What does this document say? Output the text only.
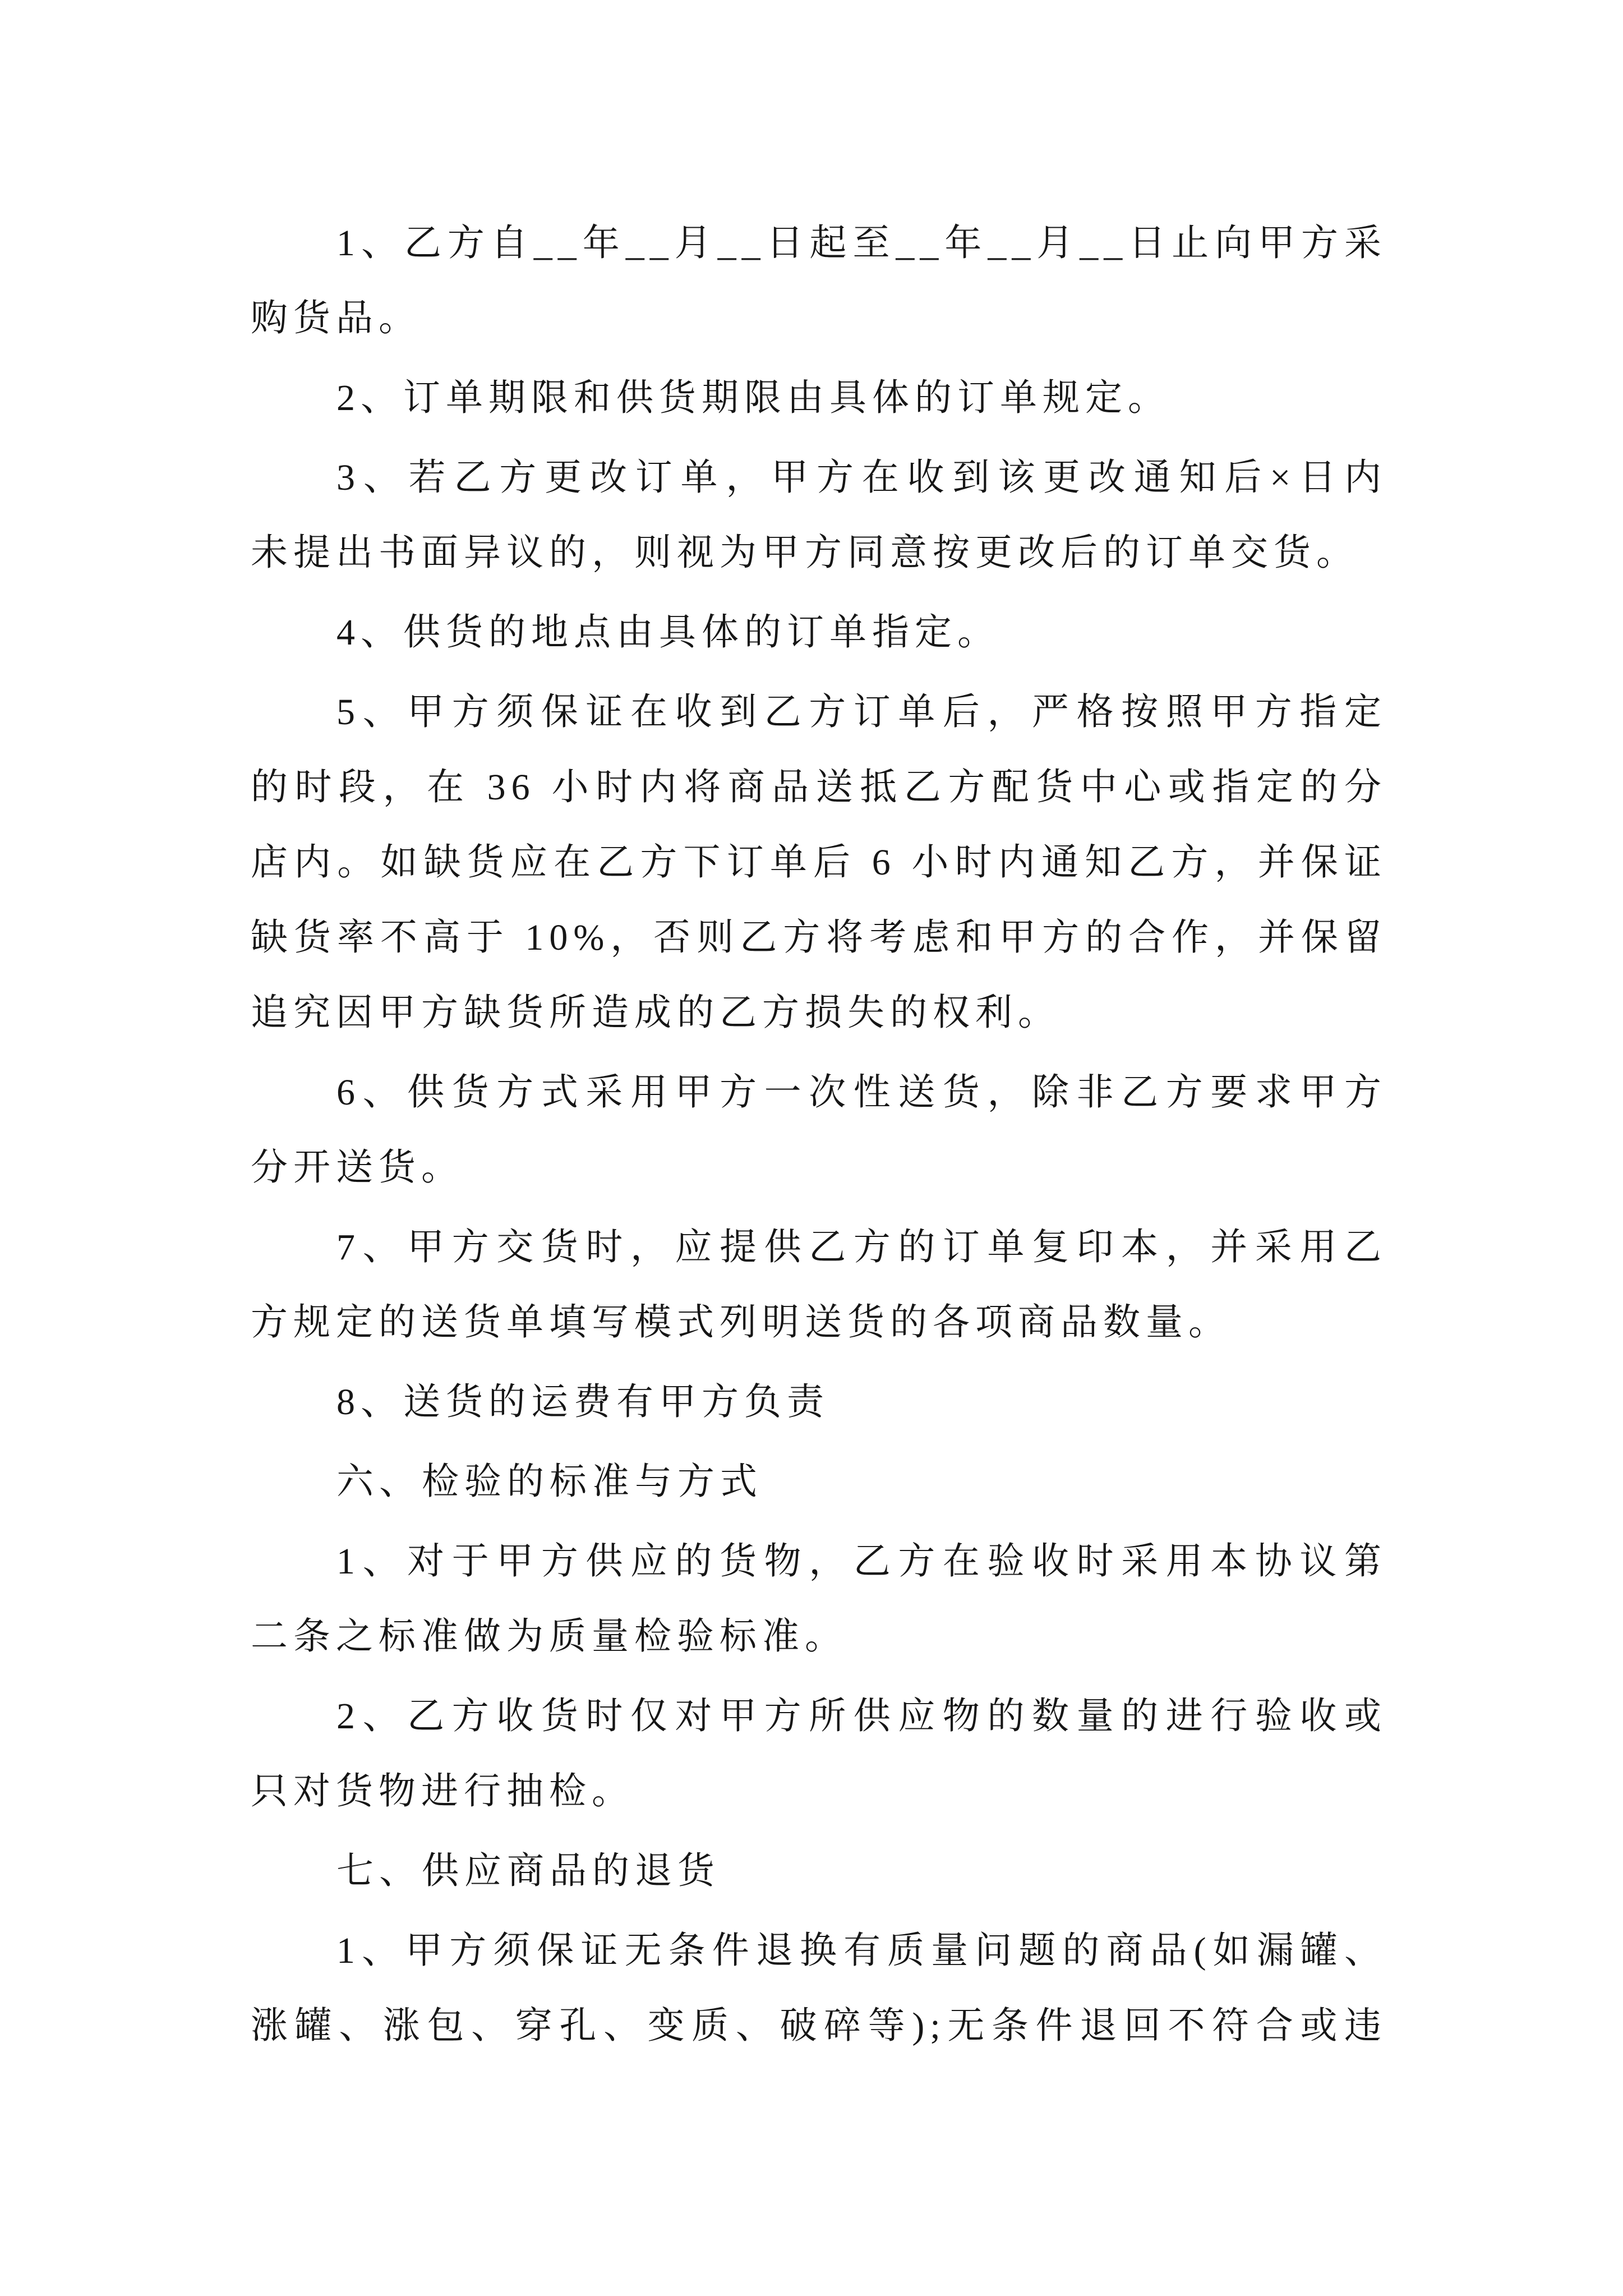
1、乙方自__年__月__日起至__年__月__日止向甲方采
购货品。
2、订单期限和供货期限由具体的订单规定。
3、若乙方更改订单，甲方在收到该更改通知后×日内
未提出书面异议的，则视为甲方同意按更改后的订单交货。
4、供货的地点由具体的订单指定。
5、甲方须保证在收到乙方订单后，严格按照甲方指定
的时段，在 36 小时内将商品送抵乙方配货中心或指定的分
店内。如缺货应在乙方下订单后 6 小时内通知乙方，并保证
缺货率不高于 10%，否则乙方将考虑和甲方的合作，并保留
追究因甲方缺货所造成的乙方损失的权利。
6、供货方式采用甲方一次性送货，除非乙方要求甲方
分开送货。
7、甲方交货时，应提供乙方的订单复印本，并采用乙
方规定的送货单填写模式列明送货的各项商品数量。
8、送货的运费有甲方负责
六、检验的标准与方式
1、对于甲方供应的货物，乙方在验收时采用本协议第
二条之标准做为质量检验标准。
2、乙方收货时仅对甲方所供应物的数量的进行验收或
只对货物进行抽检。
七、供应商品的退货
1、甲方须保证无条件退换有质量问题的商品(如漏罐、
涨罐、涨包、穿孔、变质、破碎等);无条件退回不符合或违
